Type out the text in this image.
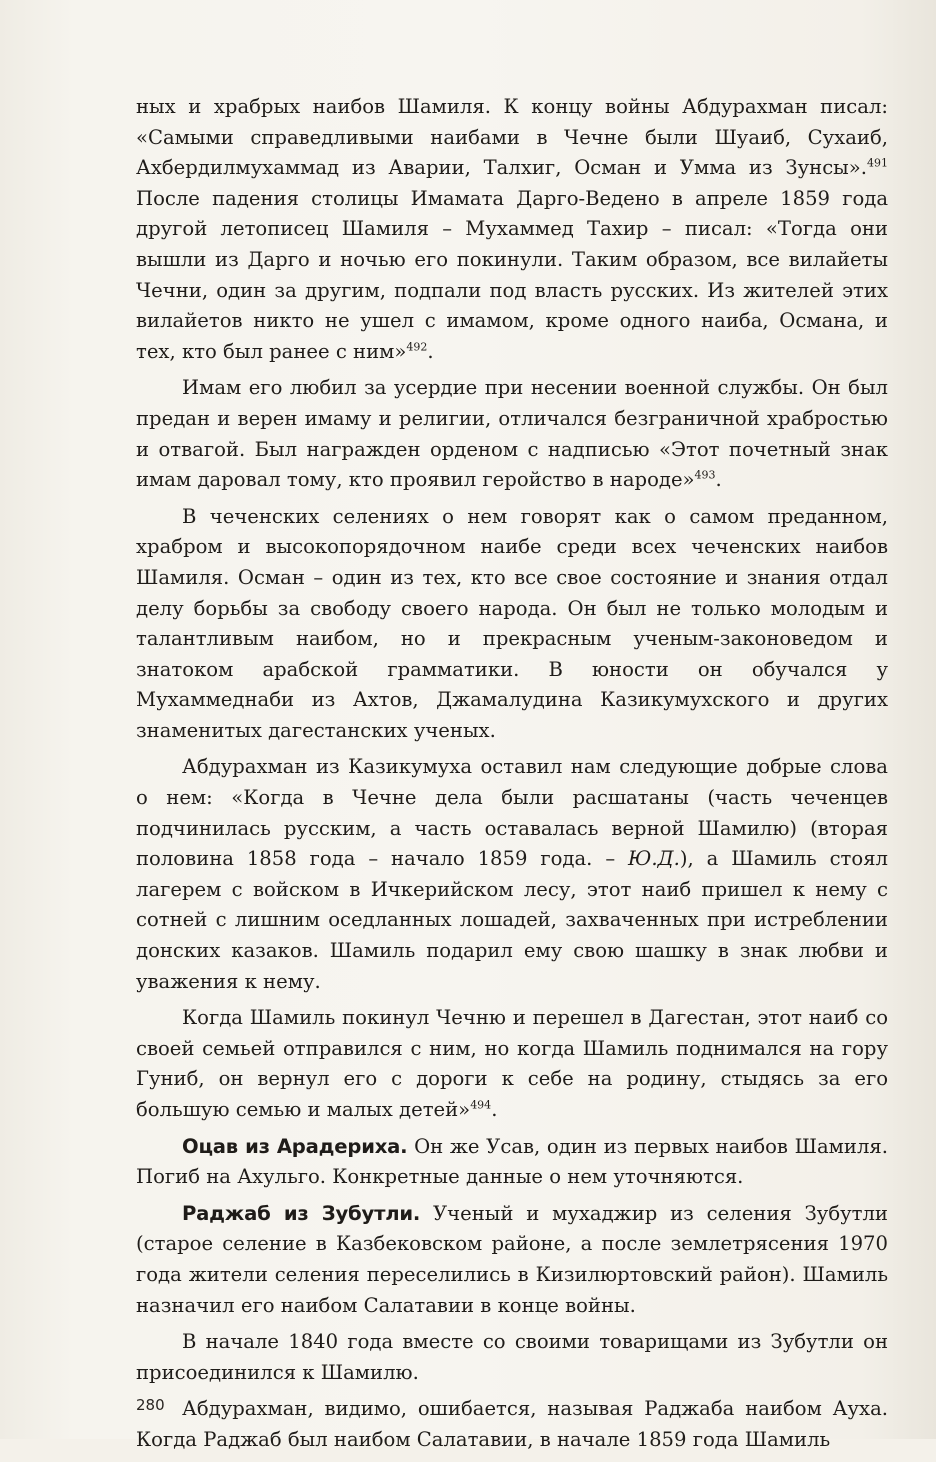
ных и храбрых наибов Шамиля. К концу войны Абдурахман писал: «Самыми справедливыми наибами в Чечне были Шуаиб, Сухаиб, Ахбердилмухаммад из Аварии, Талхиг, Осман и Умма из Зунсы».$^{491}$ После падения столицы Имамата Дарго-Ведено в апреле 1859 года другой летописец Шамиля – Мухаммед Тахир – писал: «Тогда они вышли из Дарго и ночью его покинули. Таким образом, все вилайеты Чечни, один за другим, подпали под власть русских. Из жителей этих вилайетов никто не ушел с имамом, кроме одного наиба, Османа, и тех, кто был ранее с ним»$^{492}$.

Имам его любил за усердие при несении военной службы. Он был предан и верен имаму и религии, отличался безграничной храбростью и отвагой. Был награжден орденом с надписью «Этот почетный знак имам даровал тому, кто проявил геройство в народе»$^{493}$.

В чеченских селениях о нем говорят как о самом преданном, храбром и высокопорядочном наибе среди всех чеченских наибов Шамиля. Осман – один из тех, кто все свое состояние и знания отдал делу борьбы за свободу своего народа. Он был не только молодым и талантливым наибом, но и прекрасным ученым-законоведом и знатоком арабской грамматики. В юности он обучался у Мухаммеднаби из Ахтов, Джамалудина Казикумухского и других знаменитых дагестанских ученых.

Абдурахман из Казикумуха оставил нам следующие добрые слова о нем: «Когда в Чечне дела были расшатаны (часть чеченцев подчинилась русским, а часть оставалась верной Шамилю) (вторая половина 1858 года – начало 1859 года. – Ю.Д.), а Шамиль стоял лагерем с войском в Ичкерийском лесу, этот наиб пришел к нему с сотней с лишним оседланных лошадей, захваченных при истреблении донских казаков. Шамиль подарил ему свою шашку в знак любви и уважения к нему.

Когда Шамиль покинул Чечню и перешел в Дагестан, этот наиб со своей семьей отправился с ним, но когда Шамиль поднимался на гору Гуниб, он вернул его с дороги к себе на родину, стыдясь за его большую семью и малых детей»$^{494}$.

Оцав из Арадериха. Он же Усав, один из первых наибов Шамиля. Погиб на Ахульго. Конкретные данные о нем уточняются.

Раджаб из Зубутли. Ученый и мухаджир из селения Зубутли (старое селение в Казбековском районе, а после землетрясения 1970 года жители селения переселились в Кизилюртовский район). Шамиль назначил его наибом Салатавии в конце войны.

В начале 1840 года вместе со своими товарищами из Зубутли он присоединился к Шамилю.

Абдурахман, видимо, ошибается, называя Раджаба наибом Ауха. Когда Раджаб был наибом Салатавии, в начале 1859 года Шамиль

280
